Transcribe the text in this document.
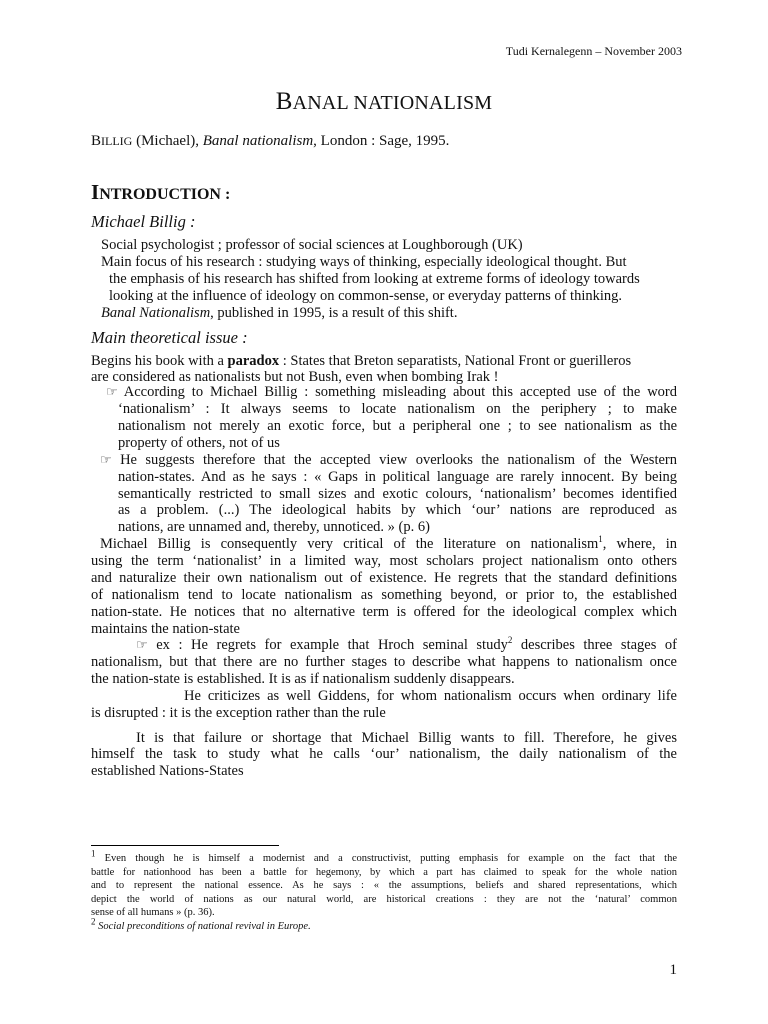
Tudi Kernalegenn – November 2003
BANAL NATIONALISM
BILLIG (Michael), Banal nationalism, London : Sage, 1995.
INTRODUCTION :
Michael Billig :
Social psychologist ; professor of social sciences at Loughborough (UK)
Main focus of his research : studying ways of thinking, especially ideological thought. But
the emphasis of his research has shifted from looking at extreme forms of ideology towards
looking at the influence of ideology on common-sense, or everyday patterns of thinking.
Banal Nationalism, published in 1995, is a result of this shift.
Main theoretical issue :
Begins his book with a paradox : States that Breton separatists, National Front or guerilleros
are considered as nationalists but not Bush, even when bombing Irak !
☞ According to Michael Billig : something misleading about this accepted use of the word
‘nationalism’ : It always seems to locate nationalism on the periphery ; to make
nationalism not merely an exotic force, but a peripheral one ; to see nationalism as the
property of others, not of us
☞ He suggests therefore that the accepted view overlooks the nationalism of the Western
nation-states. And as he says : « Gaps in political language are rarely innocent. By being
semantically restricted to small sizes and exotic colours, ‘nationalism’ becomes identified
as a problem. (...) The ideological habits by which ‘our’ nations are reproduced as
nations, are unnamed and, thereby, unnoticed. » (p. 6)
Michael Billig is consequently very critical of the literature on nationalism$^1$, where, in
using the term ‘nationalist’ in a limited way, most scholars project nationalism onto others
and naturalize their own nationalism out of existence. He regrets that the standard definitions
of nationalism tend to locate nationalism as something beyond, or prior to, the established
nation-state. He notices that no alternative term is offered for the ideological complex which
maintains the nation-state
☞ ex : He regrets for example that Hroch seminal study$^2$ describes three stages of
nationalism, but that there are no further stages to describe what happens to nationalism once
the nation-state is established. It is as if nationalism suddenly disappears.
He criticizes as well Giddens, for whom nationalism occurs when ordinary life
is disrupted : it is the exception rather than the rule
It is that failure or shortage that Michael Billig wants to fill. Therefore, he gives
himself the task to study what he calls ‘our’ nationalism, the daily nationalism of the
established Nations-States
$^1$ Even though he is himself a modernist and a constructivist, putting emphasis for example on the fact that the
battle for nationhood has been a battle for hegemony, by which a part has claimed to speak for the whole nation
and to represent the national essence. As he says : « the assumptions, beliefs and shared representations, which
depict the world of nations as our natural world, are historical creations : they are not the ‘natural’ common
sense of all humans » (p. 36).
$^2$ Social preconditions of national revival in Europe.
1
